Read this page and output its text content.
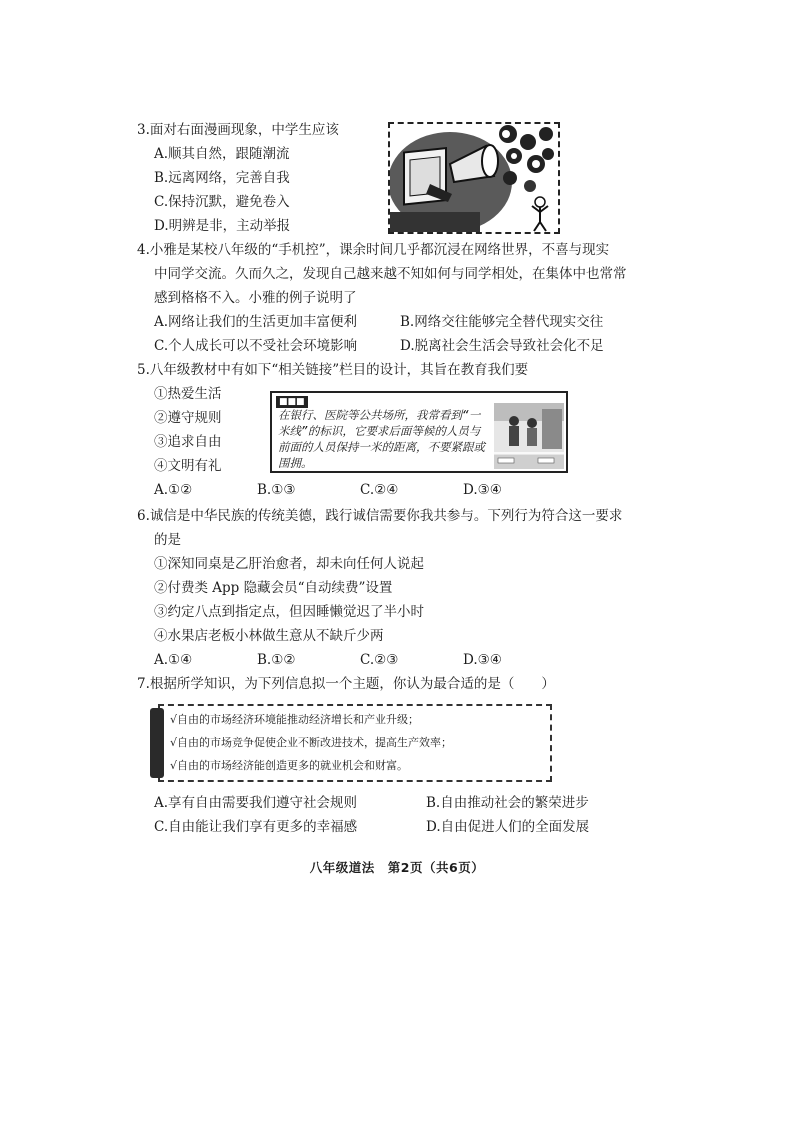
3.面对右面漫画现象，中学生应该
A.顺其自然，跟随潮流
B.远离网络，完善自我
C.保持沉默，避免卷入
D.明辨是非，主动举报
4.小雅是某校八年级的“手机控”，课余时间几乎都沉浸在网络世界，不喜与现实
中同学交流。久而久之，发现自己越来越不知如何与同学相处，在集体中也常常
感到格格不入。小雅的例子说明了
A.网络让我们的生活更加丰富便利	B.网络交往能够完全替代现实交往
C.个人成长可以不受社会环境影响	D.脱离社会生活会导致社会化不足
5.八年级教材中有如下“相关链接”栏目的设计，其旨在教育我们要
①热爱生活
②遵守规则
③追求自由
④文明有礼
A.①②	B.①③	C.②④	D.③④
■■■
在银行、医院等公共场所，我常看到“一米线”的标识，它要求后面等候的人员与前面的人员保持一米的距离，不要紧跟或围拥。
6.诚信是中华民族的传统美德，践行诚信需要你我共参与。下列行为符合这一要求
的是
①深知同桌是乙肝治愈者，却未向任何人说起
②付费类 App 隐藏会员“自动续费”设置
③约定八点到指定点，但因睡懒觉迟了半小时
④水果店老板小林做生意从不缺斤少两
A.①④	B.①②	C.②③	D.③④
7.根据所学知识，为下列信息拟一个主题，你认为最合适的是（　　）
√自由的市场经济环境能推动经济增长和产业升级；
√自由的市场竞争促使企业不断改进技术，提高生产效率；
√自由的市场经济能创造更多的就业机会和财富。
A.享有自由需要我们遵守社会规则	B.自由推动社会的繁荣进步
C.自由能让我们享有更多的幸福感	D.自由促进人们的全面发展
八年级道法　第2页（共6页）
